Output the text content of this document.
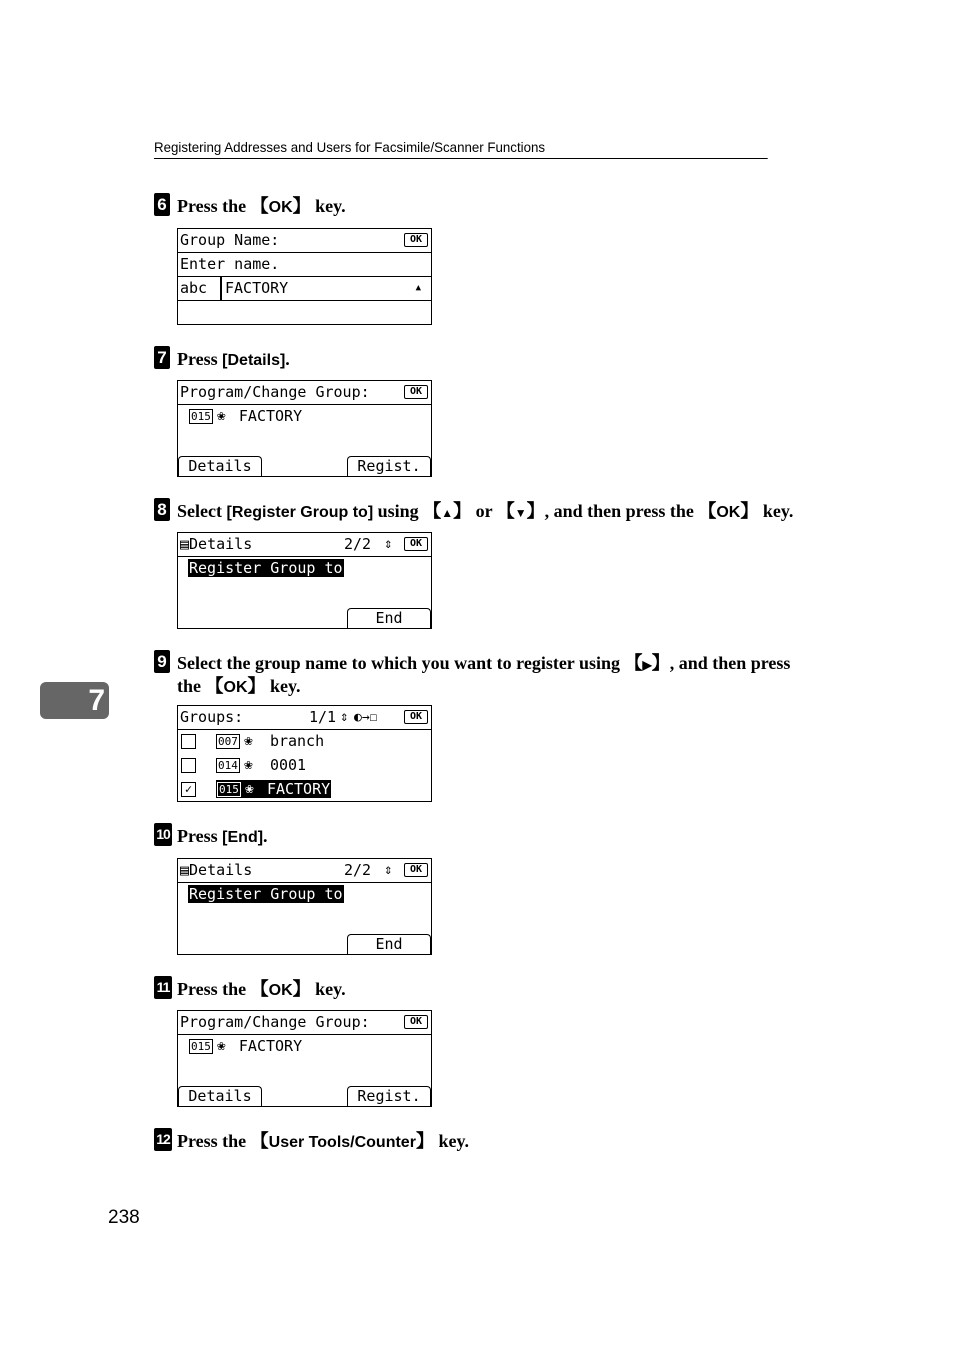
Registering Addresses and Users for Facsimile/Scanner Functions
6 Press the 【OK】 key.
Group Name:	OK
Enter name.
abc FACTORY	▲
7 Press [Details].
Program/Change Group:	OK
015 ❀ FACTORY
Details	Regist.
8 Select [Register Group to] using 【▲】 or 【▼】, and then press the 【OK】 key.
▤Details	2/2 ⇕	OK
Register Group to
End
9 Select the group name to which you want to register using 【▶】, and then press the 【OK】 key.
7	Groups:	1/1 ⇕ ◐→☐	OK
007 ❀ branch
014 ❀ 0001
✓ 015 ❀ FACTORY
10 Press [End].
▤Details	2/2 ⇕	OK
Register Group to
End
11 Press the 【OK】 key.
Program/Change Group:	OK
015 ❀ FACTORY
Details	Regist.
12 Press the 【User Tools/Counter】 key.
238
